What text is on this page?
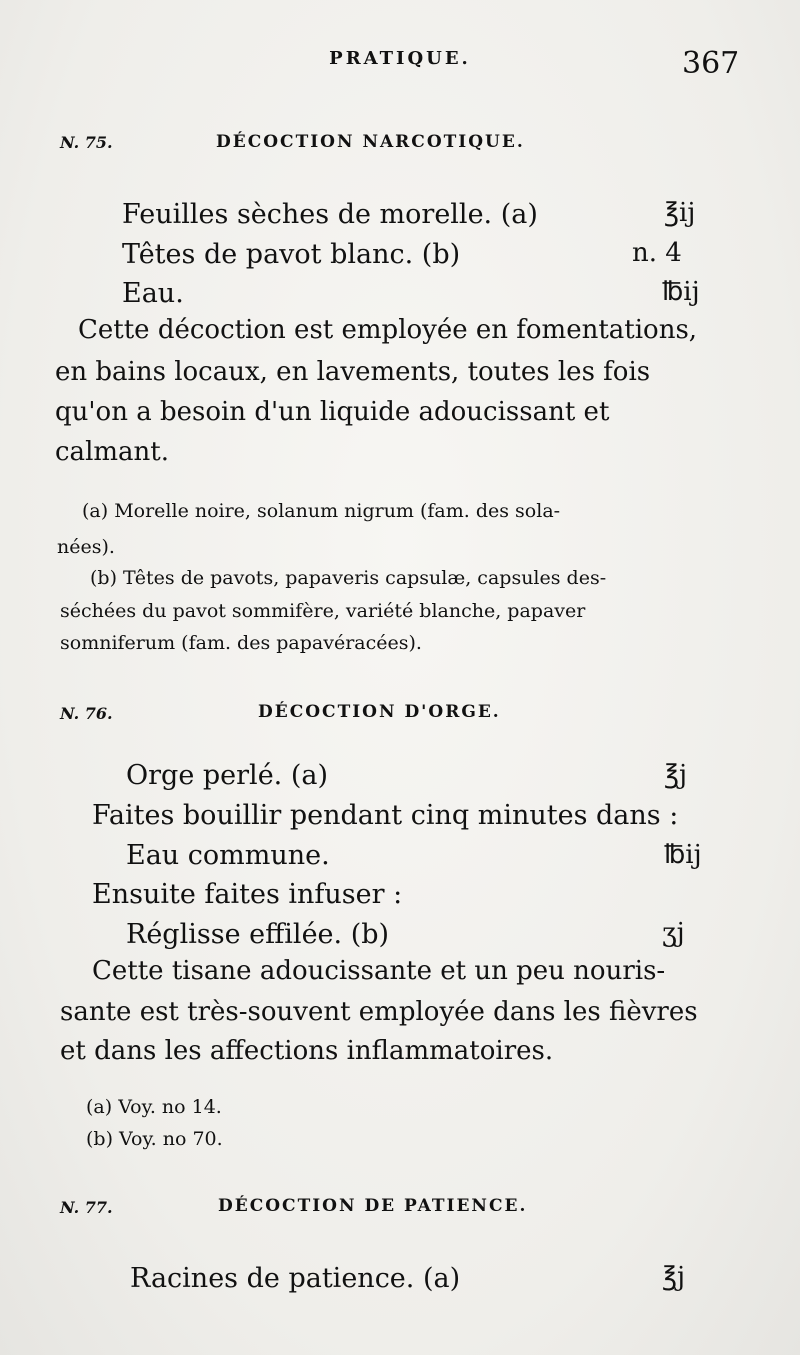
PRATIQUE.	367
N. 75.	DÉCOCTION NARCOTIQUE.
Feuilles sèches de morelle. (a)	℥ij
Têtes de pavot blanc. (b)	n. 4
Eau.	℔ij
Cette décoction est employée en fomentations,
en bains locaux, en lavements, toutes les fois
qu'on a besoin d'un liquide adoucissant et
calmant.
(a) Morelle noire, solanum nigrum (fam. des sola-
nées).
(b) Têtes de pavots, papaveris capsulæ, capsules des-
séchées du pavot sommifère, variété blanche, papaver
somniferum (fam. des papavéracées).
N. 76.	DÉCOCTION D'ORGE.
Orge perlé. (a)	℥j
Faites bouillir pendant cinq minutes dans :
Eau commune.	℔ij
Ensuite faites infuser :
Réglisse effilée. (b)	ʒj
Cette tisane adoucissante et un peu nouris-
sante est très-souvent employée dans les fièvres
et dans les affections inflammatoires.
(a) Voy. no 14.
(b) Voy. no 70.
N. 77.	DÉCOCTION DE PATIENCE.
Racines de patience. (a)	℥j
